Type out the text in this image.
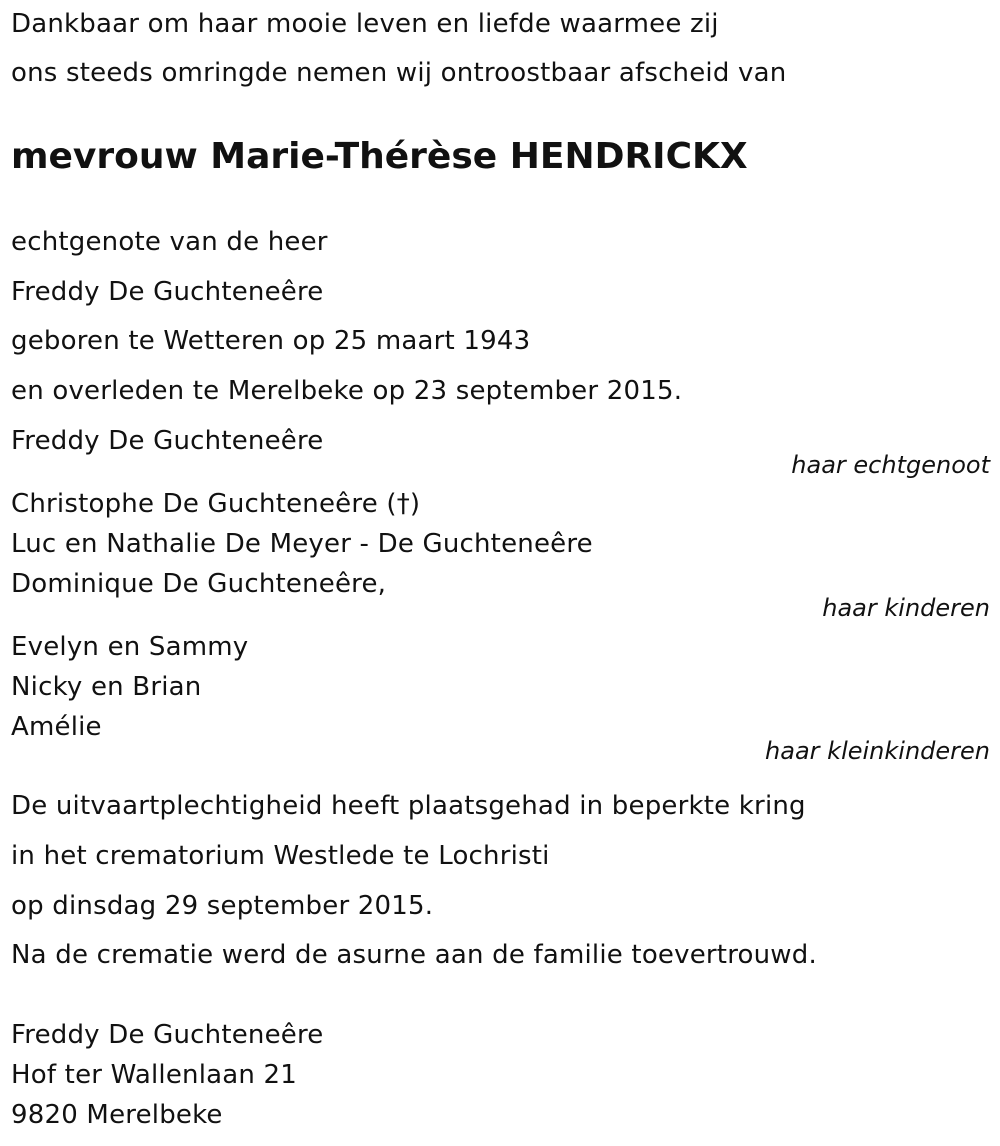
Dankbaar om haar mooie leven en liefde waarmee zij
ons steeds omringde nemen wij ontroostbaar afscheid van
mevrouw Marie-Thérèse HENDRICKX
echtgenote van de heer
Freddy De Guchteneêre
geboren te Wetteren op 25 maart 1943
en overleden te Merelbeke op 23 september 2015.
Freddy De Guchteneêre
haar echtgenoot
Christophe De Guchteneêre (†)
Luc en Nathalie De Meyer - De Guchteneêre
Dominique De Guchteneêre,
haar kinderen
Evelyn en Sammy
Nicky en Brian
Amélie
haar kleinkinderen
De uitvaartplechtigheid heeft plaatsgehad in beperkte kring
in het crematorium Westlede te Lochristi
op dinsdag 29 september 2015.
Na de crematie werd de asurne aan de familie toevertrouwd.
Freddy De Guchteneêre
Hof ter Wallenlaan 21
9820 Merelbeke
